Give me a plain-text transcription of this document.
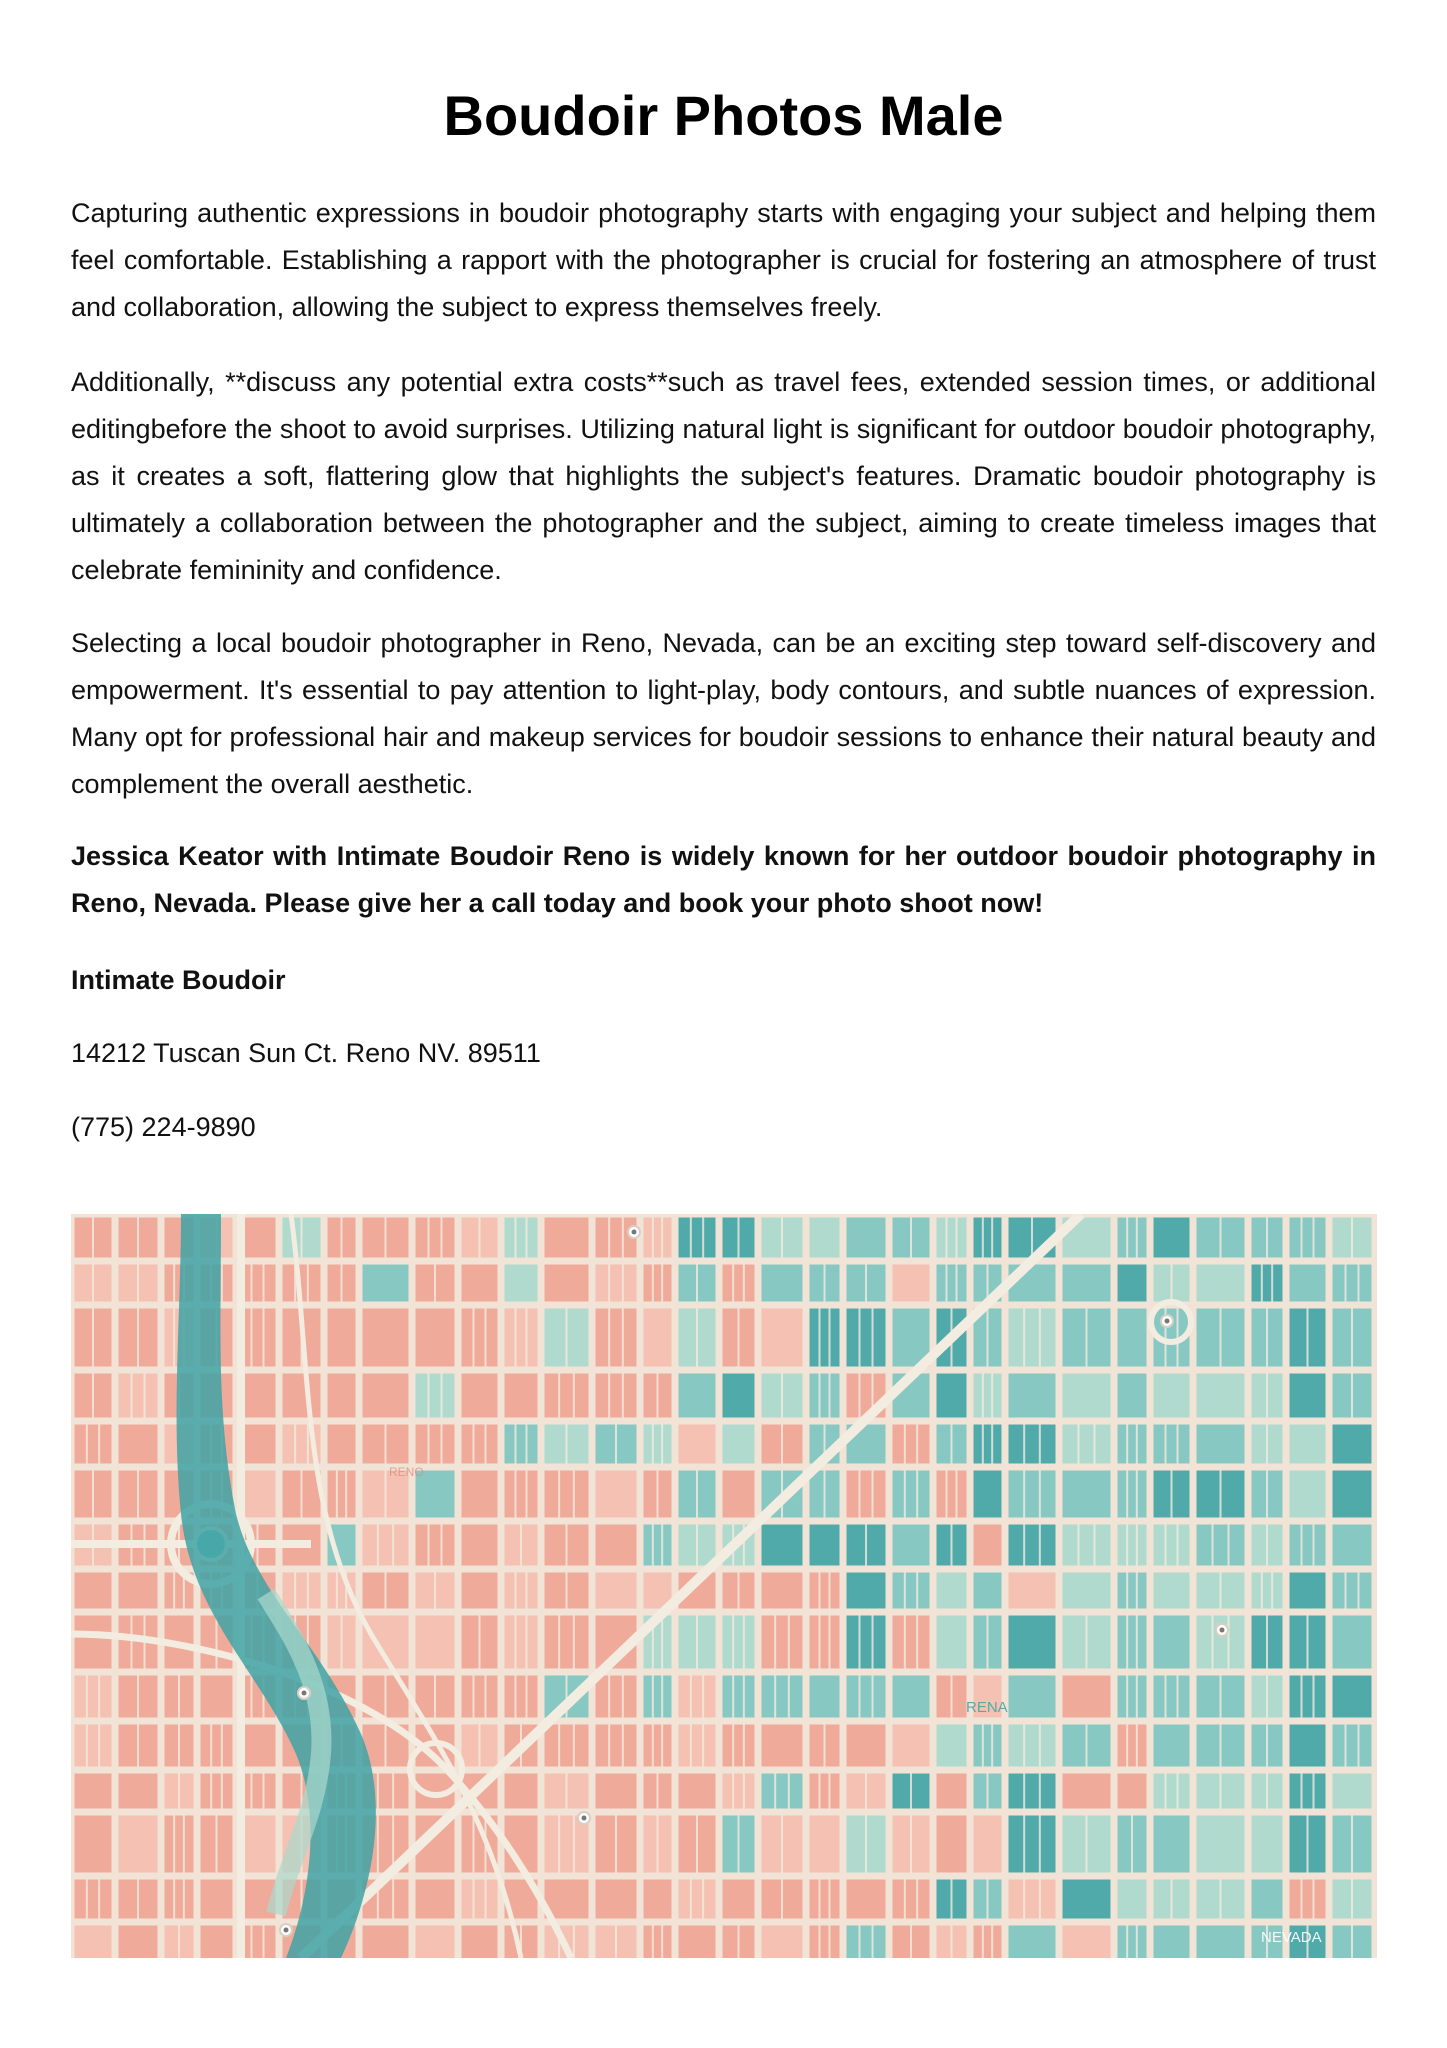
Boudoir Photos Male

Capturing authentic expressions in boudoir photography starts with engaging your subject and helping them feel comfortable. Establishing a rapport with the photographer is crucial for fostering an atmosphere of trust and collaboration, allowing the subject to express themselves freely.

Additionally, **discuss any potential extra costs**such as travel fees, extended session times, or additional editingbefore the shoot to avoid surprises. Utilizing natural light is significant for outdoor boudoir photography, as it creates a soft, flattering glow that highlights the subject's features. Dramatic boudoir photography is ultimately a collaboration between the photographer and the subject, aiming to create timeless images that celebrate femininity and confidence.

Selecting a local boudoir photographer in Reno, Nevada, can be an exciting step toward self-discovery and empowerment. It's essential to pay attention to light-play, body contours, and subtle nuances of expression. Many opt for professional hair and makeup services for boudoir sessions to enhance their natural beauty and complement the overall aesthetic.

Jessica Keator with Intimate Boudoir Reno is widely known for her outdoor boudoir photography in Reno, Nevada. Please give her a call today and book your photo shoot now!

Intimate Boudoir

14212 Tuscan Sun Ct. Reno NV. 89511

(775) 224-9890

RENA
RENO
NEVADA
